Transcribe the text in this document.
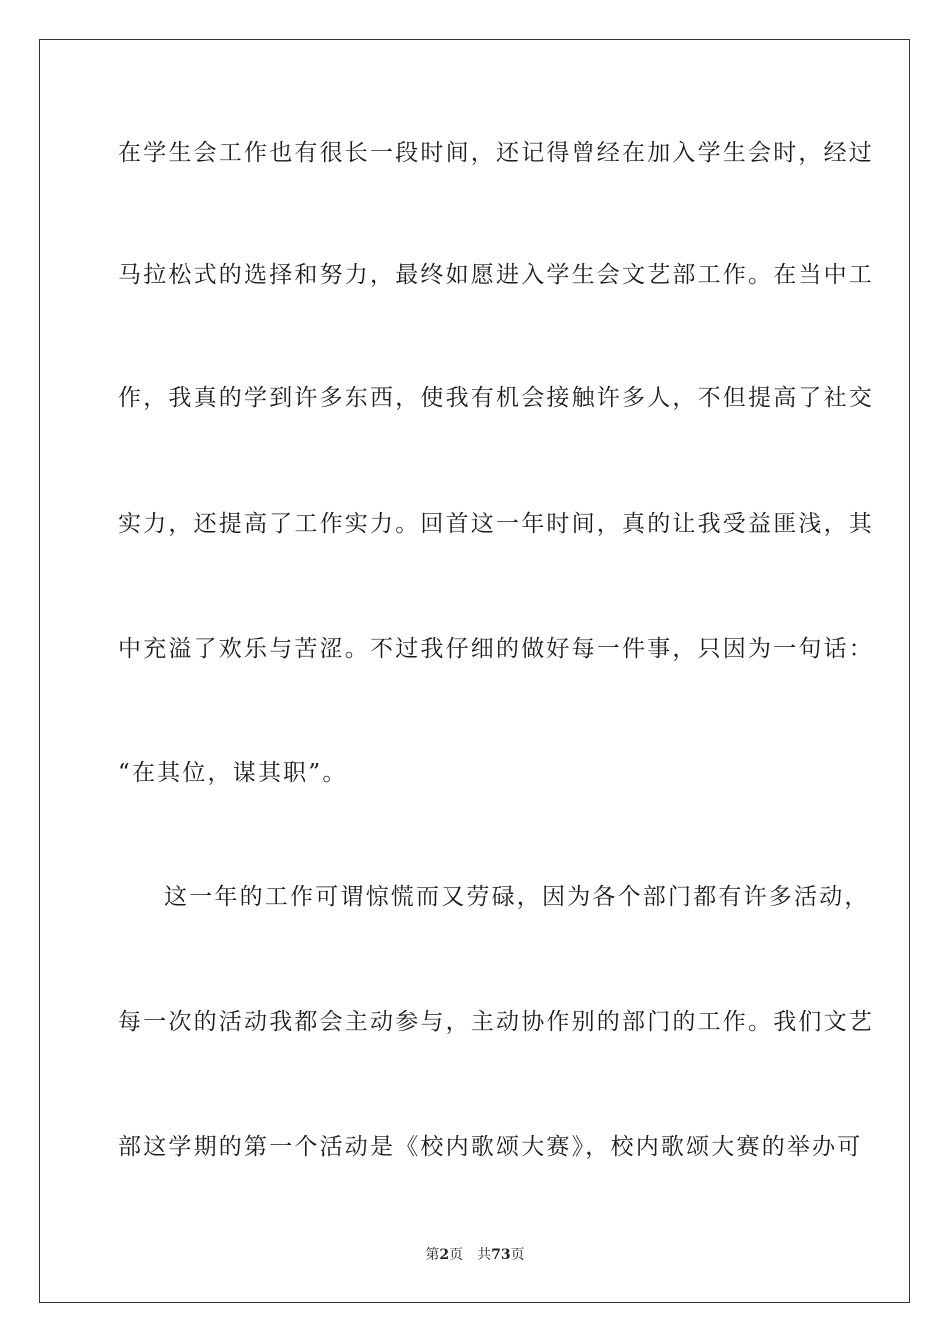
在学生会工作也有很长一段时间，还记得曾经在加入学生会时，经过
马拉松式的选择和努力，最终如愿进入学生会文艺部工作。在当中工
作，我真的学到许多东西，使我有机会接触许多人，不但提高了社交
实力，还提高了工作实力。回首这一年时间，真的让我受益匪浅，其
中充溢了欢乐与苦涩。不过我仔细的做好每一件事，只因为一句话：
“在其位，谋其职”。
这一年的工作可谓惊慌而又劳碌，因为各个部门都有许多活动，
每一次的活动我都会主动参与，主动协作别的部门的工作。我们文艺
部这学期的第一个活动是《校内歌颂大赛》，校内歌颂大赛的举办可
第2页 共73页
